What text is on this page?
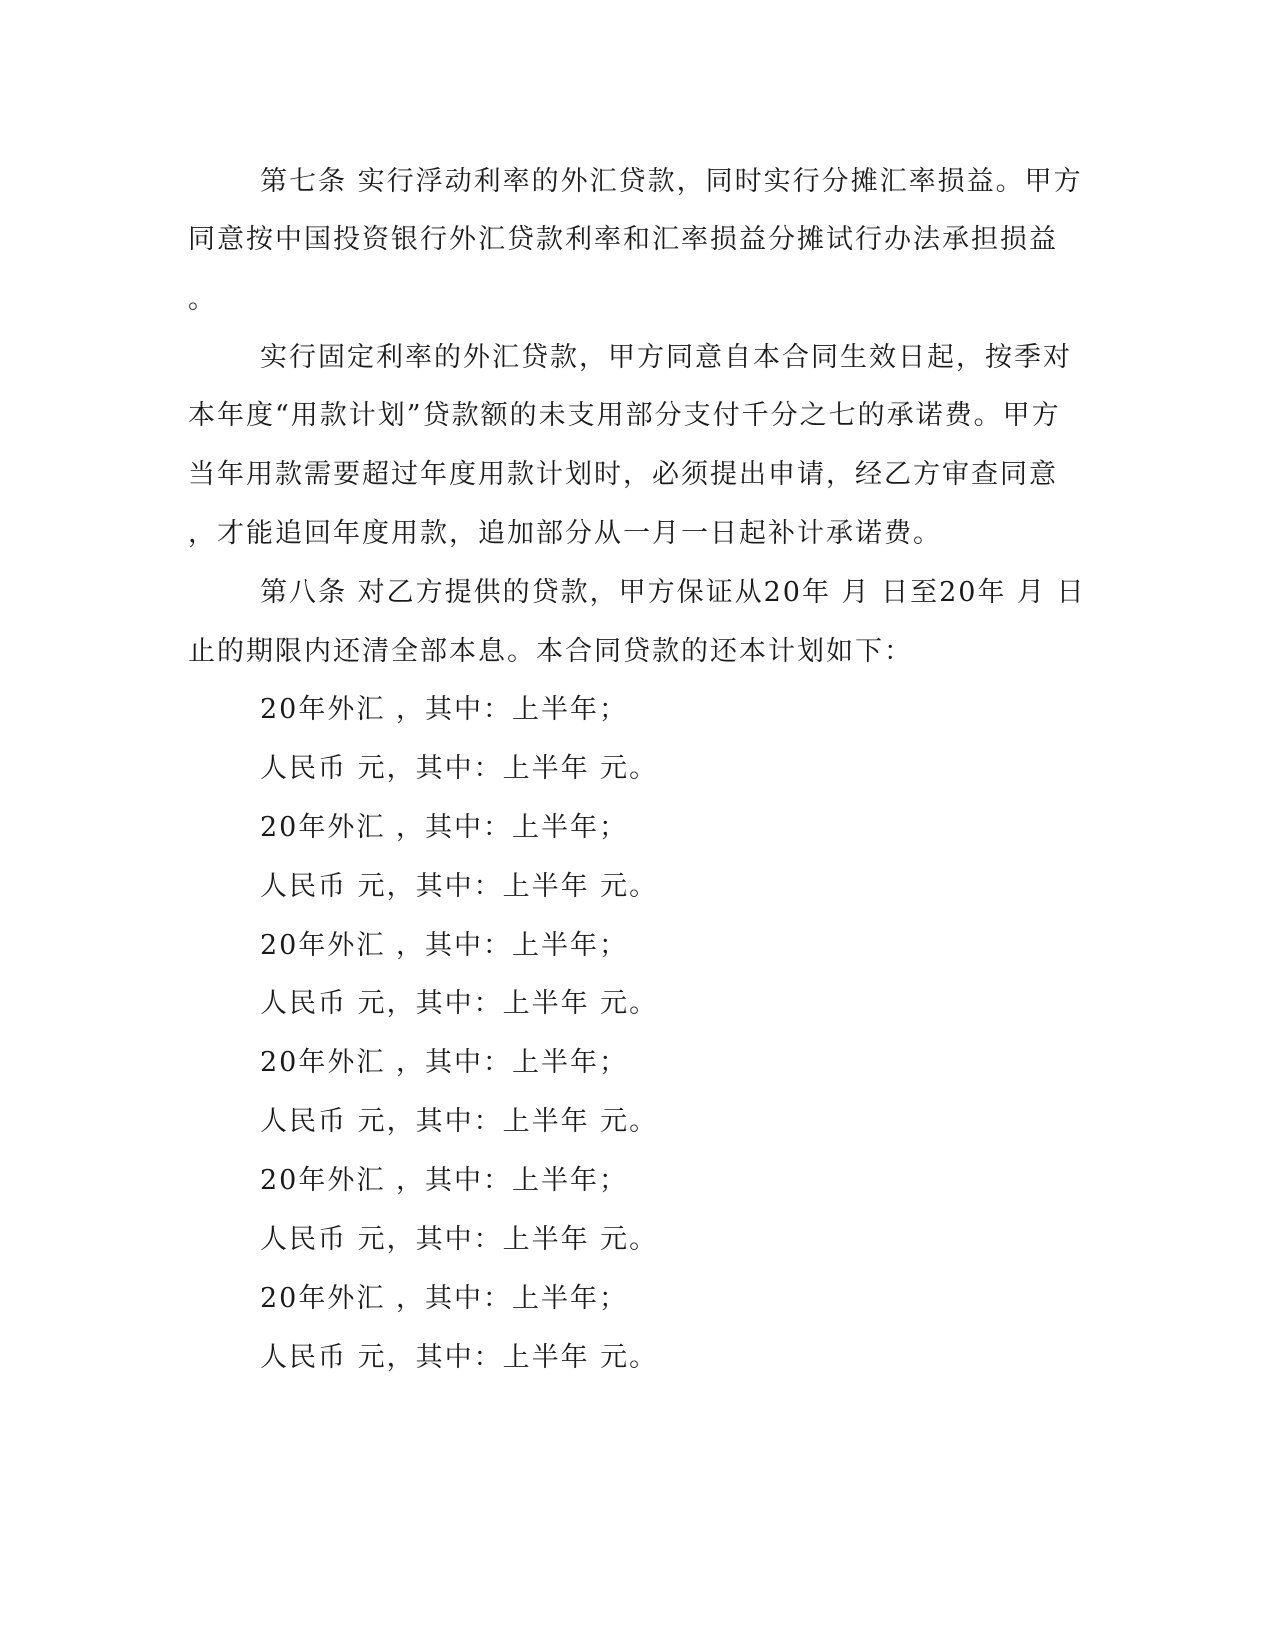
第七条 实行浮动利率的外汇贷款，同时实行分摊汇率损益。甲方
同意按中国投资银行外汇贷款利率和汇率损益分摊试行办法承担损益
。
实行固定利率的外汇贷款，甲方同意自本合同生效日起，按季对
本年度“用款计划”贷款额的未支用部分支付千分之七的承诺费。甲方
当年用款需要超过年度用款计划时，必须提出申请，经乙方审查同意
，才能追回年度用款，追加部分从一月一日起补计承诺费。
第八条 对乙方提供的贷款，甲方保证从20年 月 日至20年 月 日
止的期限内还清全部本息。本合同贷款的还本计划如下：
20年外汇 ，其中：上半年；
人民币 元，其中：上半年 元。
20年外汇 ，其中：上半年；
人民币 元，其中：上半年 元。
20年外汇 ，其中：上半年；
人民币 元，其中：上半年 元。
20年外汇 ，其中：上半年；
人民币 元，其中：上半年 元。
20年外汇 ，其中：上半年；
人民币 元，其中：上半年 元。
20年外汇 ，其中：上半年；
人民币 元，其中：上半年 元。
